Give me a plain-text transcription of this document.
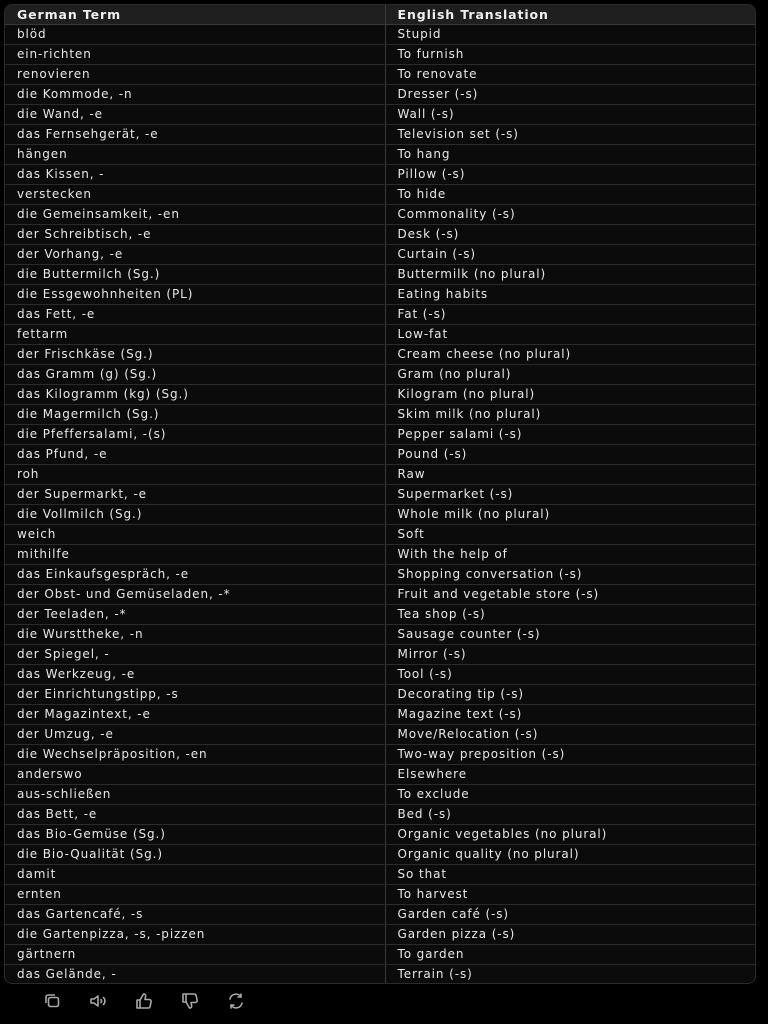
German Term	English Translation
blöd	Stupid
ein-richten	To furnish
renovieren	To renovate
die Kommode, -n	Dresser (-s)
die Wand, -e	Wall (-s)
das Fernsehgerät, -e	Television set (-s)
hängen	To hang
das Kissen, -	Pillow (-s)
verstecken	To hide
die Gemeinsamkeit, -en	Commonality (-s)
der Schreibtisch, -e	Desk (-s)
der Vorhang, -e	Curtain (-s)
die Buttermilch (Sg.)	Buttermilk (no plural)
die Essgewohnheiten (PL)	Eating habits
das Fett, -e	Fat (-s)
fettarm	Low-fat
der Frischkäse (Sg.)	Cream cheese (no plural)
das Gramm (g) (Sg.)	Gram (no plural)
das Kilogramm (kg) (Sg.)	Kilogram (no plural)
die Magermilch (Sg.)	Skim milk (no plural)
die Pfeffersalami, -(s)	Pepper salami (-s)
das Pfund, -e	Pound (-s)
roh	Raw
der Supermarkt, -e	Supermarket (-s)
die Vollmilch (Sg.)	Whole milk (no plural)
weich	Soft
mithilfe	With the help of
das Einkaufsgespräch, -e	Shopping conversation (-s)
der Obst- und Gemüseladen, -*	Fruit and vegetable store (-s)
der Teeladen, -*	Tea shop (-s)
die Wursttheke, -n	Sausage counter (-s)
der Spiegel, -	Mirror (-s)
das Werkzeug, -e	Tool (-s)
der Einrichtungstipp, -s	Decorating tip (-s)
der Magazintext, -e	Magazine text (-s)
der Umzug, -e	Move/Relocation (-s)
die Wechselpräposition, -en	Two-way preposition (-s)
anderswo	Elsewhere
aus-schließen	To exclude
das Bett, -e	Bed (-s)
das Bio-Gemüse (Sg.)	Organic vegetables (no plural)
die Bio-Qualität (Sg.)	Organic quality (no plural)
damit	So that
ernten	To harvest
das Gartencafé, -s	Garden café (-s)
die Gartenpizza, -s, -pizzen	Garden pizza (-s)
gärtnern	To garden
das Gelände, -	Terrain (-s)
